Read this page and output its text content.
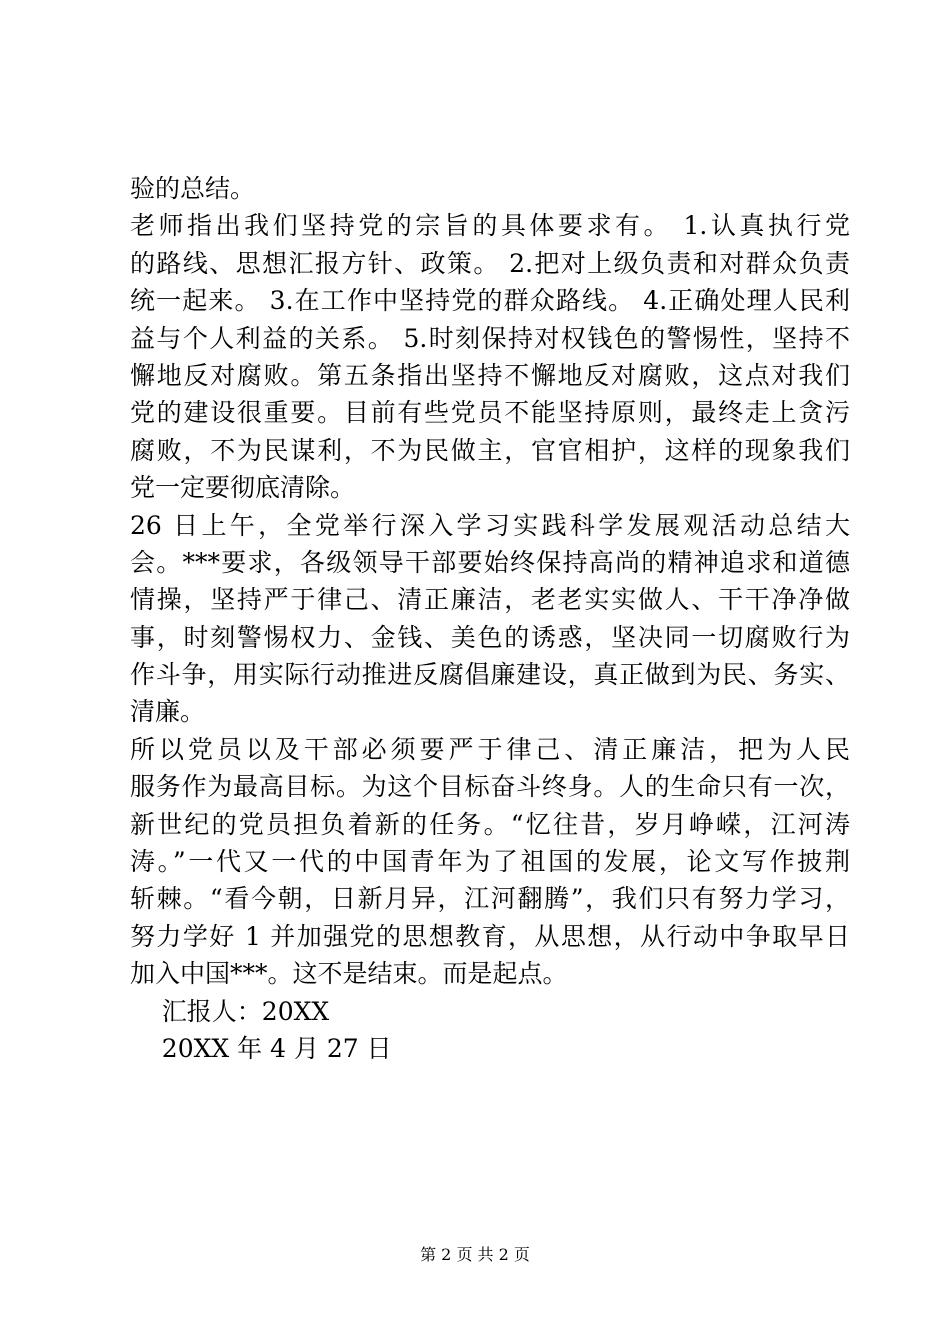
验的总结。
老师指出我们坚持党的宗旨的具体要求有。 1.认真执行党
的路线、思想汇报方针、政策。 2.把对上级负责和对群众负责
统一起来。 3.在工作中坚持党的群众路线。 4.正确处理人民利
益与个人利益的关系。 5.时刻保持对权钱色的警惕性，坚持不
懈地反对腐败。第五条指出坚持不懈地反对腐败，这点对我们
党的建设很重要。目前有些党员不能坚持原则，最终走上贪污
腐败，不为民谋利，不为民做主，官官相护，这样的现象我们
党一定要彻底清除。
26 日上午，全党举行深入学习实践科学发展观活动总结大
会。***要求，各级领导干部要始终保持高尚的精神追求和道德
情操，坚持严于律己、清正廉洁，老老实实做人、干干净净做
事，时刻警惕权力、金钱、美色的诱惑，坚决同一切腐败行为
作斗争，用实际行动推进反腐倡廉建设，真正做到为民、务实、
清廉。
所以党员以及干部必须要严于律己、清正廉洁，把为人民
服务作为最高目标。为这个目标奋斗终身。人的生命只有一次，
新世纪的党员担负着新的任务。“忆往昔，岁月峥嵘，江河涛
涛。”一代又一代的中国青年为了祖国的发展，论文写作披荆
斩棘。“看今朝，日新月异，江河翻腾”，我们只有努力学习，
努力学好 1 并加强党的思想教育，从思想，从行动中争取早日
加入中国***。这不是结束。而是起点。
汇报人：20XX
20XX 年 4 月 27 日
第 2 页 共 2 页
